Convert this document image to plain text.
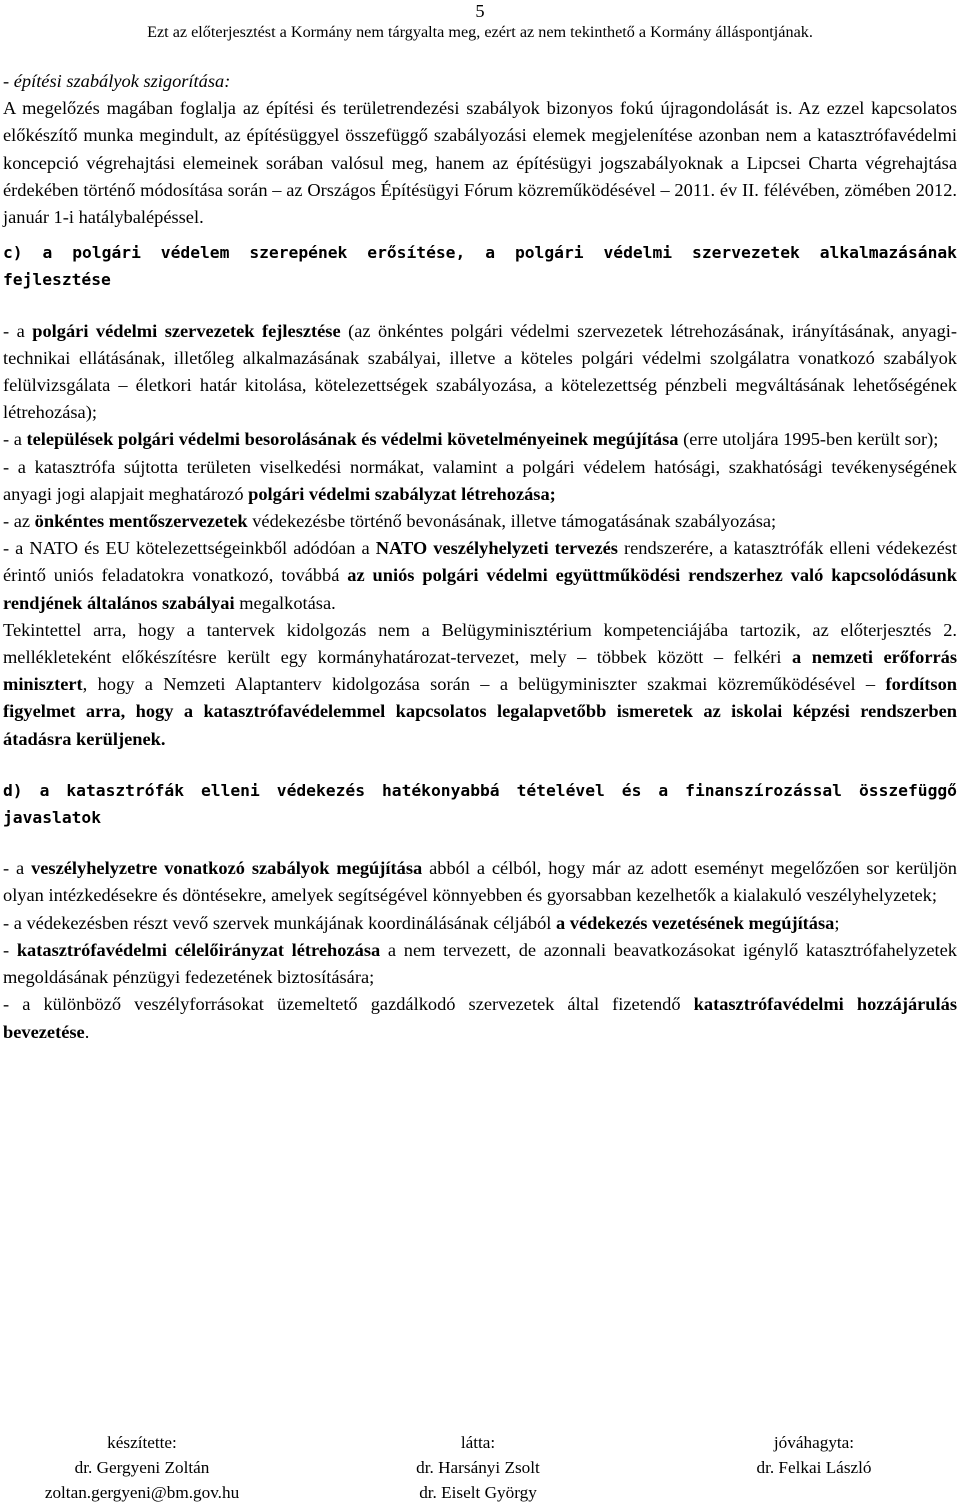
5
Ezt az előterjesztést a Kormány nem tárgyalta meg, ezért az nem tekinthető a Kormány álláspontjának.

- építési szabályok szigorítása:

A megelőzés magában foglalja az építési és területrendezési szabályok bizonyos fokú újragondolását is. Az ezzel kapcsolatos előkészítő munka megindult, az építésüggyel összefüggő szabályozási elemek megjelenítése azonban nem a katasztrófavédelmi koncepció végrehajtási elemeinek sorában valósul meg, hanem az építésügyi jogszabályoknak a Lipcsei Charta végrehajtása érdekében történő módosítása során – az Országos Építésügyi Fórum közreműködésével – 2011. év II. félévében, zömében 2012. január 1-i hatálybalépéssel.

c) a polgári védelem szerepének erősítése, a polgári védelmi szervezetek alkalmazásának fejlesztése

- a polgári védelmi szervezetek fejlesztése (az önkéntes polgári védelmi szervezetek létrehozásának, irányításának, anyagi-technikai ellátásának, illetőleg alkalmazásának szabályai, illetve a köteles polgári védelmi szolgálatra vonatkozó szabályok felülvizsgálata – életkori határ kitolása, kötelezettségek szabályozása, a kötelezettség pénzbeli megváltásának lehetőségének létrehozása);

- a települések polgári védelmi besorolásának és védelmi követelményeinek megújítása (erre utoljára 1995-ben került sor);

- a katasztrófa sújtotta területen viselkedési normákat, valamint a polgári védelem hatósági, szakhatósági tevékenységének anyagi jogi alapjait meghatározó polgári védelmi szabályzat létrehozása;

- az önkéntes mentőszervezetek védekezésbe történő bevonásának, illetve támogatásának szabályozása;

- a NATO és EU kötelezettségeinkből adódóan a NATO veszélyhelyzeti tervezés rendszerére, a katasztrófák elleni védekezést érintő uniós feladatokra vonatkozó, továbbá az uniós polgári védelmi együttműködési rendszerhez való kapcsolódásunk rendjének általános szabályai megalkotása.

Tekintettel arra, hogy a tantervek kidolgozás nem a Belügyminisztérium kompetenciájába tartozik, az előterjesztés 2. mellékleteként előkészítésre került egy kormányhatározat-tervezet, mely – többek között – felkéri a nemzeti erőforrás minisztert, hogy a Nemzeti Alaptanterv kidolgozása során – a belügyminiszter szakmai közreműködésével – fordítson figyelmet arra, hogy a katasztrófavédelemmel kapcsolatos legalapvetőbb ismeretek az iskolai képzési rendszerben átadásra kerüljenek.

d) a katasztrófák elleni védekezés hatékonyabbá tételével és a finanszírozással összefüggő javaslatok

- a veszélyhelyzetre vonatkozó szabályok megújítása abból a célból, hogy már az adott eseményt megelőzően sor kerüljön olyan intézkedésekre és döntésekre, amelyek segítségével könnyebben és gyorsabban kezelhetők a kialakuló veszélyhelyzetek;

- a védekezésben részt vevő szervek munkájának koordinálásának céljából a védekezés vezetésének megújítása;

- katasztrófavédelmi célelőirányzat létrehozása a nem tervezett, de azonnali beavatkozásokat igénylő katasztrófahelyzetek megoldásának pénzügyi fedezetének biztosítására;

- a különböző veszélyforrásokat üzemeltető gazdálkodó szervezetek által fizetendő katasztrófavédelmi hozzájárulás bevezetése.

készítette:
dr. Gergyeni Zoltán
zoltan.gergyeni@bm.gov.hu
látta:
dr. Harsányi Zsolt
dr. Eiselt György
jóváhagyta:
dr. Felkai László
